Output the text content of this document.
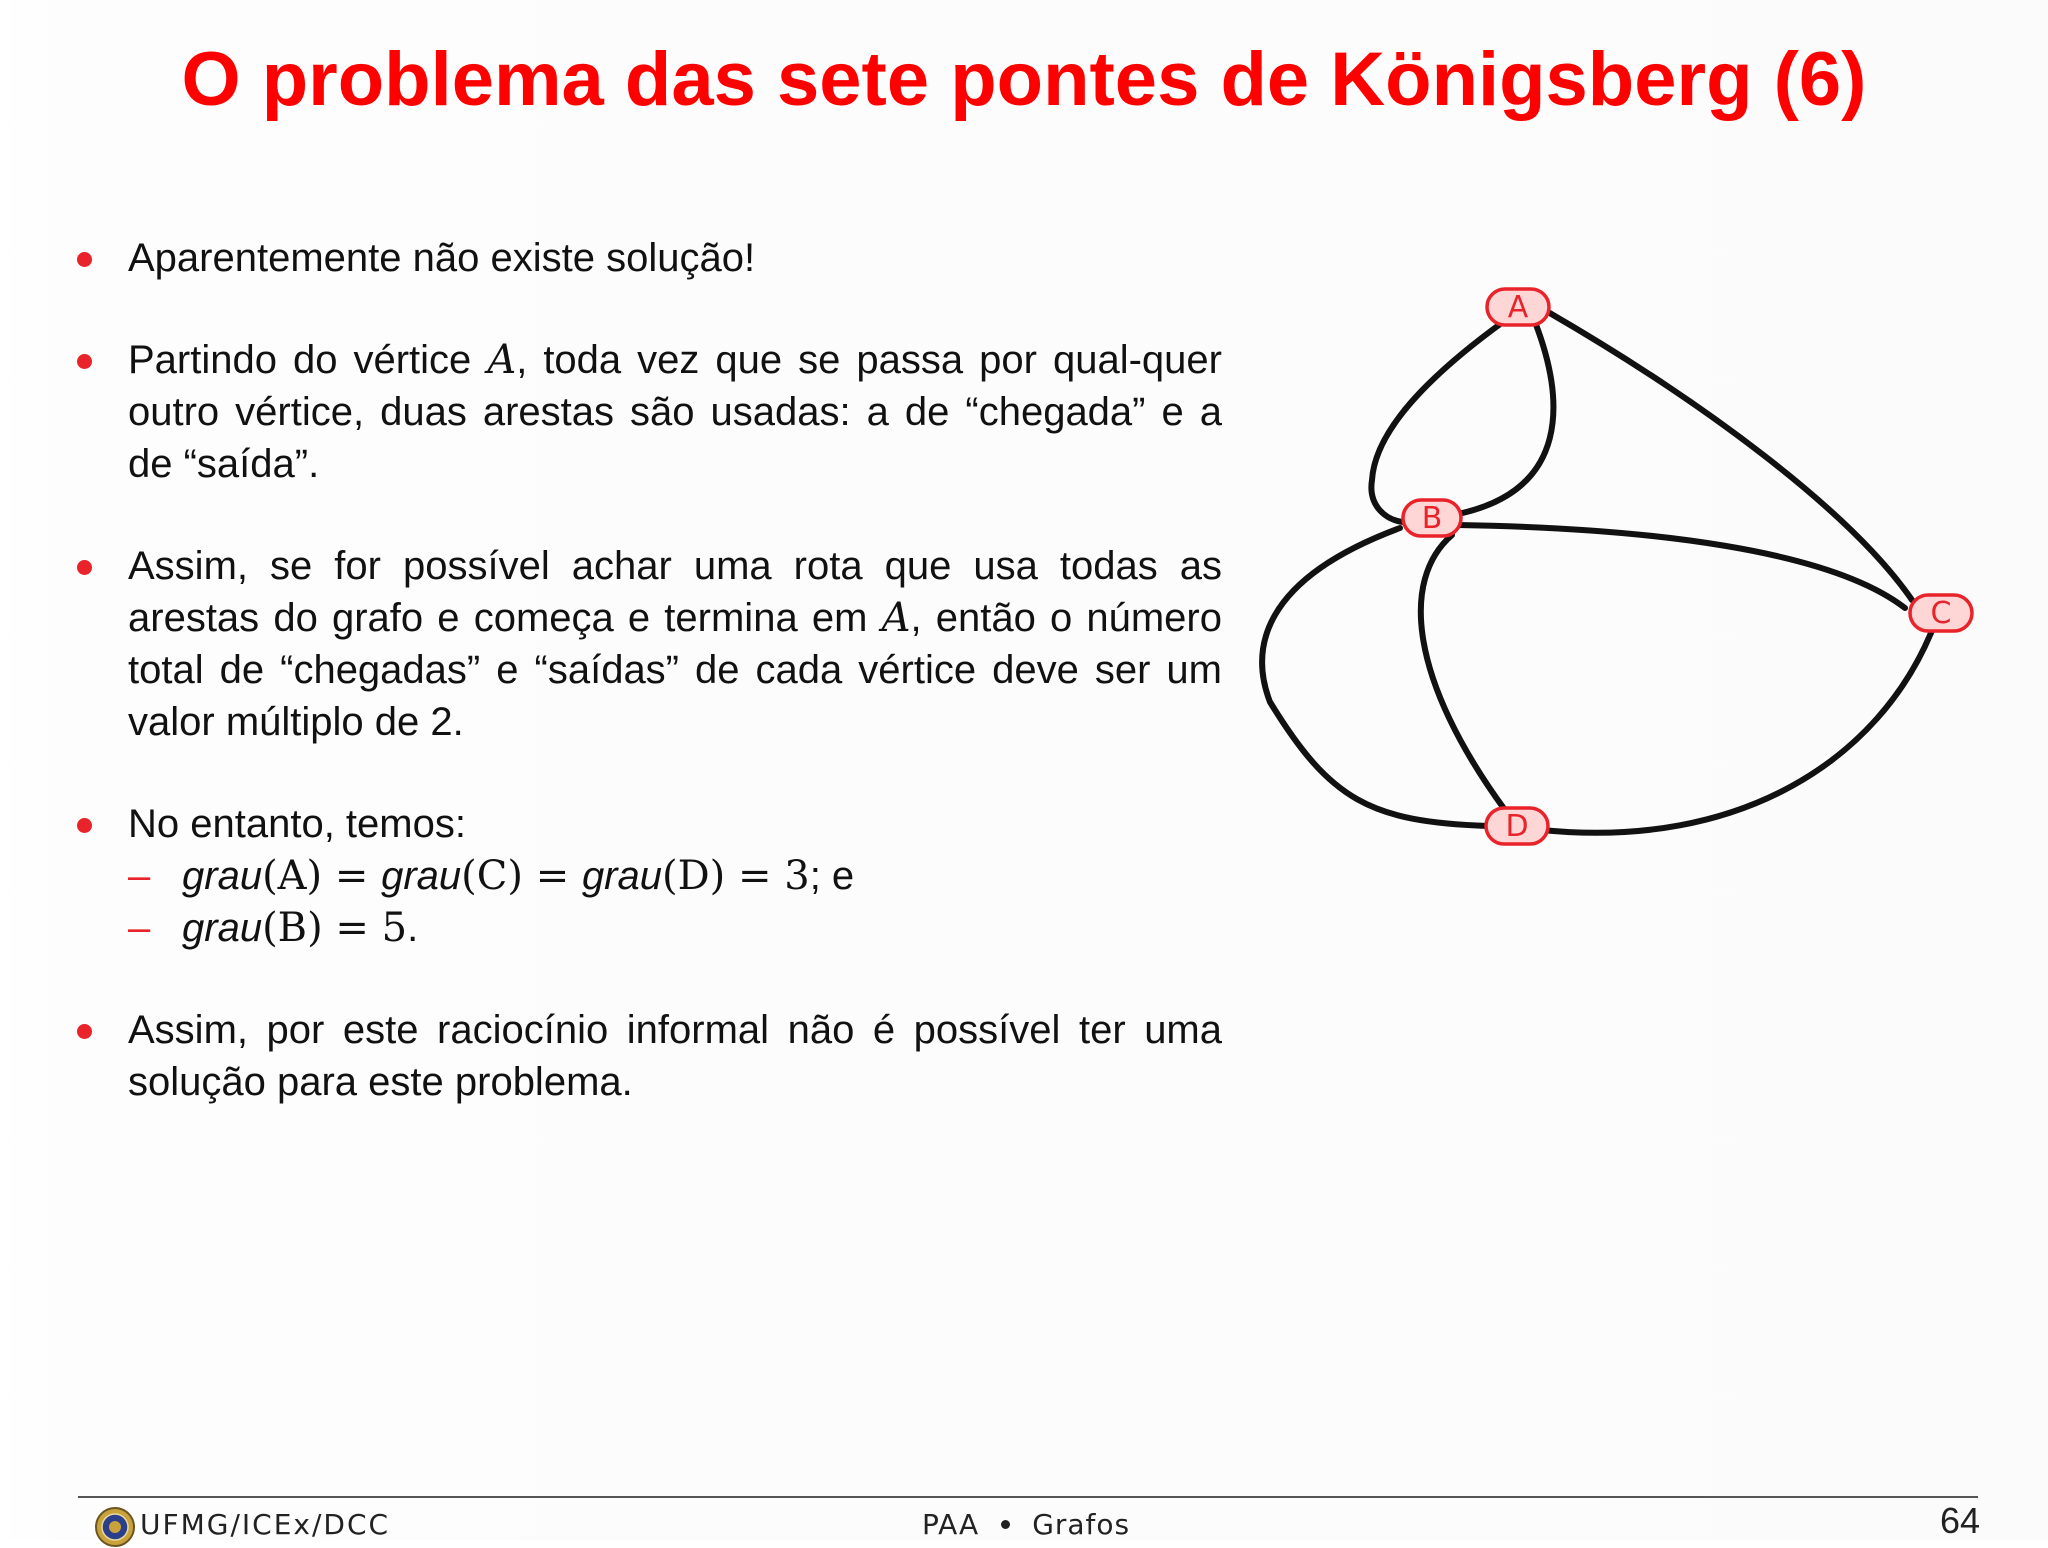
O problema das sete pontes de Königsberg (6)
Aparentemente não existe solução!
Partindo do vértice A, toda vez que se passa por qual-quer outro vértice, duas arestas são usadas: a de “chegada” e a de “saída”.
Assim, se for possível achar uma rota que usa todas as arestas do grafo e começa e termina em A, então o número total de “chegadas” e “saídas” de cada vértice deve ser um valor múltiplo de 2.
No entanto, temos:
– grau(A) = grau(C) = grau(D) = 3; e
– grau(B) = 5.
Assim, por este raciocínio informal não é possível ter uma solução para este problema.
A
B
C
D
UFMG/ICEx/DCC	PAA Grafos	64
